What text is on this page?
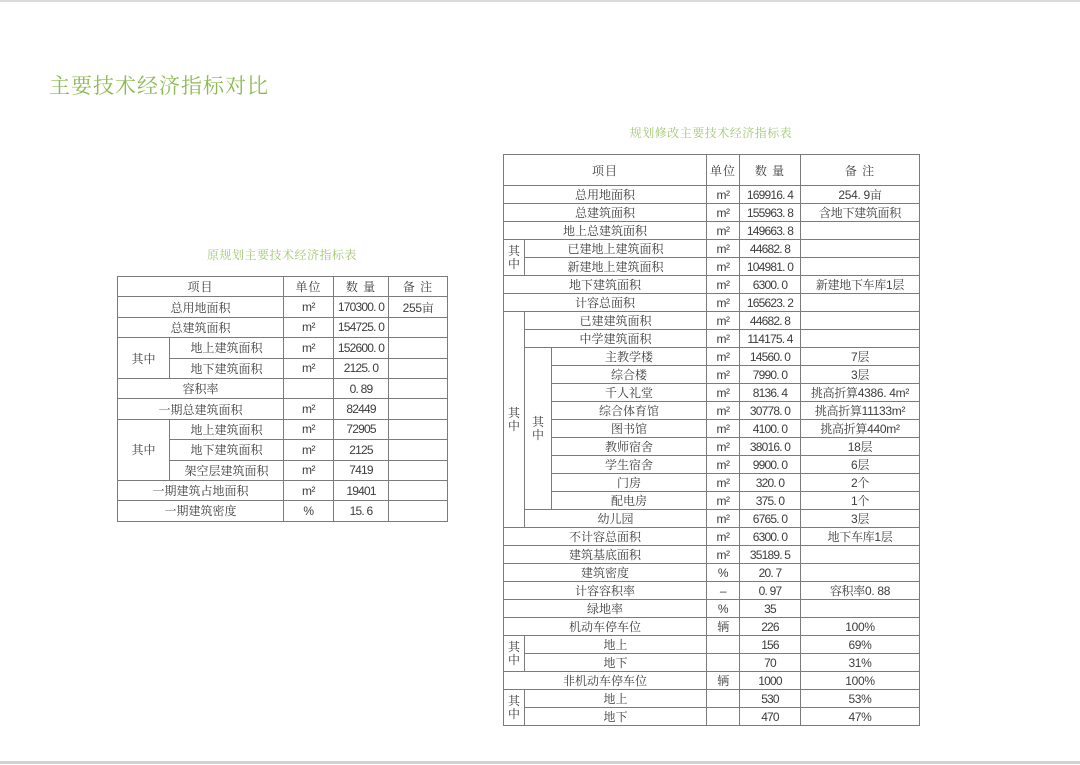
主要技术经济指标对比
原规划主要技术经济指标表
项目		单位	数 量	备 注
总用地面积		m²	170300. 0	255亩
总建筑面积		m²	154725. 0	
其中	地上建筑面积	m²	152600. 0	
	地下建筑面积	m²	2125. 0	
容积率			0. 89	
一期总建筑面积		m²	82449	
其中	地上建筑面积	m²	72905	
	地下建筑面积	m²	2125	
	架空层建筑面积	m²	7419	
一期建筑占地面积		m²	19401	
一期建筑密度		%	15. 6	
规划修改主要技术经济指标表
项目			单位	数 量	备 注
总用地面积			m²	169916. 4	254. 9亩
总建筑面积			m²	155963. 8	含地下建筑面积
地上总建筑面积			m²	149663. 8	
其中	已建地上建筑面积		m²	44682. 8	
	新建地上建筑面积		m²	104981. 0	
地下建筑面积			m²	6300. 0	新建地下车库1层
计容总面积			m²	165623. 2	
其中	已建建筑面积		m²	44682. 8	
	中学建筑面积		m²	114175. 4	
	其中	主教学楼	m²	14560. 0	7层
		综合楼	m²	7990. 0	3层
		千人礼堂	m²	8136. 4	挑高折算4386. 4m²
		综合体育馆	m²	30778. 0	挑高折算11133m²
		图书馆	m²	4100. 0	挑高折算440m²
		教师宿舍	m²	38016. 0	18层
		学生宿舍	m²	9900. 0	6层
		门房	m²	320. 0	2个
		配电房	m²	375. 0	1个
	幼儿园		m²	6765. 0	3层
不计容总面积			m²	6300. 0	地下车库1层
建筑基底面积			m²	35189. 5	
建筑密度			%	20. 7	
计容容积率			–	0. 97	容积率0. 88
绿地率			%	35	
机动车停车位			辆	226	100%
其中	地上			156	69%
	地下			70	31%
非机动车停车位			辆	1000	100%
其中	地上			530	53%
	地下			470	47%
